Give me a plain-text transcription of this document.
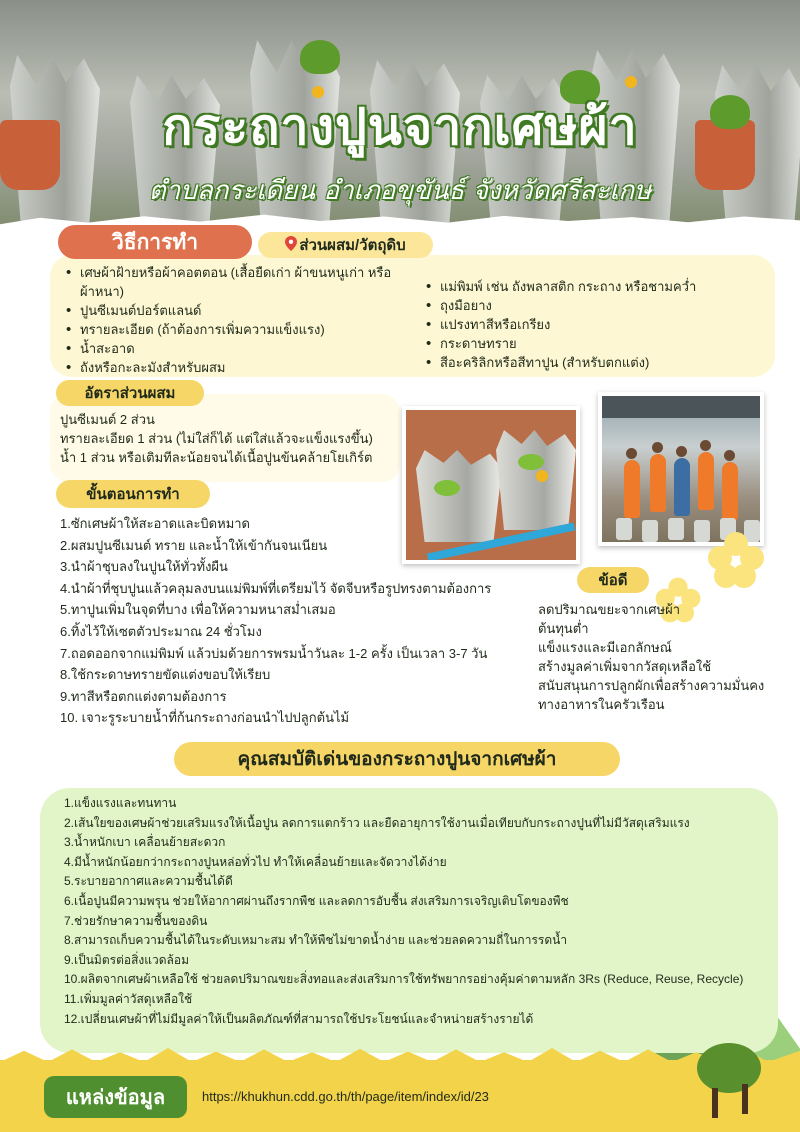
กระถางปูนจากเศษผ้า
ตำบลกระเดียน อำเภอขุขันธ์ จังหวัดศรีสะเกษ
วิธีการทำ	ส่วนผสม/วัตถุดิบ
• เศษผ้าฝ้ายหรือผ้าคอตตอน (เสื้อยืดเก่า ผ้าขนหนูเก่า หรือผ้าหนา)
• ปูนซีเมนต์ปอร์ตแลนด์
• ทรายละเอียด (ถ้าต้องการเพิ่มความแข็งแรง)
• น้ำสะอาด
• ถังหรือกะละมังสำหรับผสม
• แม่พิมพ์ เช่น ถังพลาสติก กระถาง หรือชามคว่ำ
• ถุงมือยาง
• แปรงทาสีหรือเกรียง
• กระดาษทราย
• สีอะคริลิกหรือสีทาปูน (สำหรับตกแต่ง)
อัตราส่วนผสม
ปูนซีเมนต์ 2 ส่วน
ทรายละเอียด 1 ส่วน (ไม่ใส่ก็ได้ แต่ใส่แล้วจะแข็งแรงขึ้น)
น้ำ 1 ส่วน หรือเติมทีละน้อยจนได้เนื้อปูนข้นคล้ายโยเกิร์ต
ขั้นตอนการทำ
1.ซักเศษผ้าให้สะอาดและบิดหมาด
2.ผสมปูนซีเมนต์ ทราย และน้ำให้เข้ากันจนเนียน
3.นำผ้าชุบลงในปูนให้ทั่วทั้งผืน
4.นำผ้าที่ชุบปูนแล้วคลุมลงบนแม่พิมพ์ที่เตรียมไว้ จัดจีบหรือรูปทรงตามต้องการ
5.ทาปูนเพิ่มในจุดที่บาง เพื่อให้ความหนาสม่ำเสมอ
6.ทิ้งไว้ให้เซตตัวประมาณ 24 ชั่วโมง
7.ถอดออกจากแม่พิมพ์ แล้วบ่มด้วยการพรมน้ำวันละ 1-2 ครั้ง เป็นเวลา 3-7 วัน
8.ใช้กระดาษทรายขัดแต่งขอบให้เรียบ
9.ทาสีหรือตกแต่งตามต้องการ
10. เจาะรูระบายน้ำที่ก้นกระถางก่อนนำไปปลูกต้นไม้
ข้อดี
ลดปริมาณขยะจากเศษผ้า
ต้นทุนต่ำ
แข็งแรงและมีเอกลักษณ์
สร้างมูลค่าเพิ่มจากวัสดุเหลือใช้
สนับสนุนการปลูกผักเพื่อสร้างความมั่นคง ทางอาหารในครัวเรือน
คุณสมบัติเด่นของกระถางปูนจากเศษผ้า
1.แข็งแรงและทนทาน
2.เส้นใยของเศษผ้าช่วยเสริมแรงให้เนื้อปูน ลดการแตกร้าว และยืดอายุการใช้งานเมื่อเทียบกับกระถางปูนที่ไม่มีวัสดุเสริมแรง
3.น้ำหนักเบา เคลื่อนย้ายสะดวก
4.มีน้ำหนักน้อยกว่ากระถางปูนหล่อทั่วไป ทำให้เคลื่อนย้ายและจัดวางได้ง่าย
5.ระบายอากาศและความชื้นได้ดี
6.เนื้อปูนมีความพรุน ช่วยให้อากาศผ่านถึงรากพืช และลดการอับชื้น ส่งเสริมการเจริญเติบโตของพืช
7.ช่วยรักษาความชื้นของดิน
8.สามารถเก็บความชื้นได้ในระดับเหมาะสม ทำให้พืชไม่ขาดน้ำง่าย และช่วยลดความถี่ในการรดน้ำ
9.เป็นมิตรต่อสิ่งแวดล้อม
10.ผลิตจากเศษผ้าเหลือใช้ ช่วยลดปริมาณขยะสิ่งทอและส่งเสริมการใช้ทรัพยากรอย่างคุ้มค่าตามหลัก 3Rs (Reduce, Reuse, Recycle)
11.เพิ่มมูลค่าวัสดุเหลือใช้
12.เปลี่ยนเศษผ้าที่ไม่มีมูลค่าให้เป็นผลิตภัณฑ์ที่สามารถใช้ประโยชน์และจำหน่ายสร้างรายได้
แหล่งข้อมูล	https://khukhun.cdd.go.th/th/page/item/index/id/23
